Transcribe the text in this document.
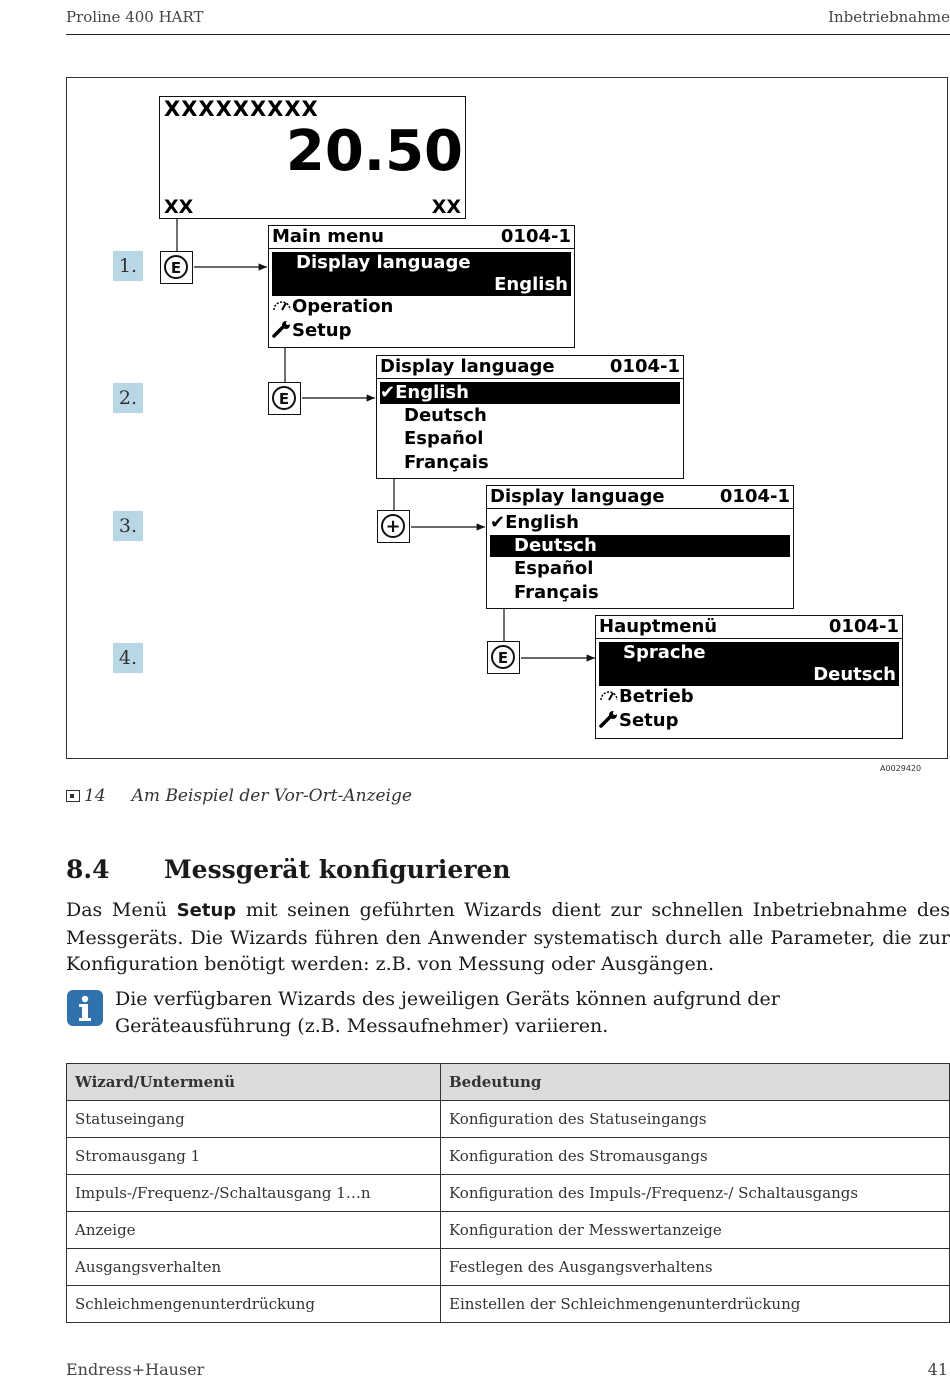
Proline 400 HART	Inbetriebnahme
XXXXXXXXX
20.50
XX	XX
1.
2.
3.
4.
E
E
+
E
Main menu	0104-1
Display language
English
Operation
Setup
Display language	0104-1
✔English
Deutsch
Español
Français
Display language	0104-1
✔English
Deutsch
Español
Français
Hauptmenü	0104-1
Sprache
Deutsch
Betrieb
Setup
A0029420
14 Am Beispiel der Vor-Ort-Anzeige
8.4 Messgerät konfigurieren
Das Menü Setup mit seinen geführten Wizards dient zur schnellen Inbetriebnahme des Messgeräts. Die Wizards führen den Anwender systematisch durch alle Parameter, die zur Konfiguration benötigt werden: z.B. von Messung oder Ausgängen.
Die verfügbaren Wizards des jeweiligen Geräts können aufgrund der Geräteausführung (z.B. Messaufnehmer) variieren.
Wizard/Untermenü	Bedeutung
Statuseingang	Konfiguration des Statuseingangs
Stromausgang 1	Konfiguration des Stromausgangs
Impuls-/Frequenz-/Schaltausgang 1…n	Konfiguration des Impuls-/Frequenz-/ Schaltausgangs
Anzeige	Konfiguration der Messwertanzeige
Ausgangsverhalten	Festlegen des Ausgangsverhaltens
Schleichmengenunterdrückung	Einstellen der Schleichmengenunterdrückung
Endress+Hauser	41
